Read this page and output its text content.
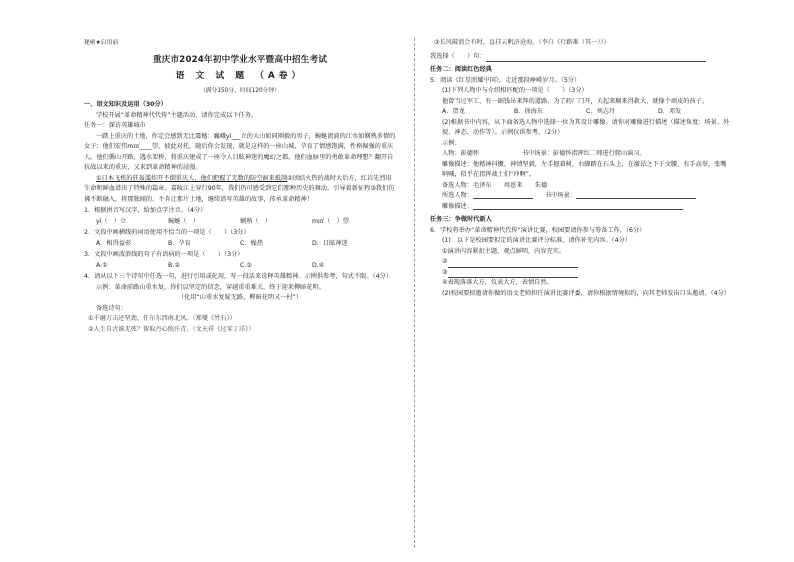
秘密★启用前
重庆市2024年初中学业水平暨高中招生考试
语 文 试 题 （A卷）
（满分150分，时间120分钟）
一、语文知识及运用（30分）
学校开展“革命精神代代传”主题活动，请你完成以下任务。
任务一：探访英雄城市
一踏上重庆的土地，你定会感到无比震撼：巍峨yì___立的大山如同刚毅的男子，蜿蜒流淌的江水如娴熟多情的女子；他们宏伟m㎡____望，彼此对托。随后你会发现，就是这样的一座山城，孕育了情感饱满，性格倔强的重庆人。他们循山开路，遇水架桥，将重庆建成了一座令人目眩神迷的魔幻之都。他们血脉里的勇敢革命理想？翻开自抗战以来的重庆，又来到革命精神的浸漫。
①日本飞机的狂轰滥炸吓不倒重庆人，他们把握了无数的防空洞来抵制②团结火热的战时大后方，红岩先烈用生命和鲜血谱出了特殊的篇章。嘉陵江上穿行90年，我们仍可感受到它们那种历史的舞动，引导着新征程③我们仿佛不断融入，将那独闻的、不肯让那片土地，继续谱写英雄的故事，传承革命精神！
1．根据拼音写汉字，给加点字注音。（4分）
yì（　）立	蜿蜒（　）	娴熟（　）	m㎡（　）望
2．文段中画横线的词语使用不恰当的一项是（　　）（3分）
A．相得益彰	B．孕育	C．燥热	D．目眩神迷
3．文段中画波浪线的句子有语病的一项是（　　）（3分）
A.①	B.②	C.③	D.④
4．请从以下三个诗句中任选一句，进行引用或化用，写一段话来诠释英雄精神。示例供参考，句式不限。（4分）
示例：革命前路山重水复，你们以坚定的信念，穿越重重难关，终于迎来柳暗花明。
（化用“山重水复疑无路，柳暗花明又一村”）
备选诗句：
①千磨万击还坚劲，任尔东西南北风。（郑燮《竹石》）
②人生自古谁无死？留取丹心照汗青。（文天祥《过零丁洋》）
③长风破浪会有时，直挂云帆济沧海。（李白《行路难（其一）》）
我选择（　　）句：
任务二：阅读红色经典
5．阅读《红星照耀中国》，走近那段峥嵘岁月。（5分）
(1)下列人物中与介绍相匹配的一项是（　　）（3分）
他曾当过军工，有一副钱吊来拜的道路，为了药厂门开，关起来顺来得救大，就像个顽皮的孩子。
A．贺龙	B．徐海东	C．刘志丹	D．邓发
(2)根据书中内容，从下面备选人物中选择一位为其设计雕像。请你对雕像进行描述（描述角度：场景、外貌、神态、动作等）。示例仅供参考。（2分）
示例：
人物：彭德怀	书中场景：彭德怀指挥红二师进行爬山演习。
雕像描述：他精神抖擞，神情坚毅，左手握着树，右脚踏在石头上，在激昂之下于文腰，有手高举，张嘴呐喊，似乎在指挥战士们“冲啊”。
备选人物：毛泽东　　周恩来　　朱德
所选人物：	书中场景：
雕像描述：
任务三：争做时代新人
6．学校将举办“革命精神代代传”演讲比赛，校园要请你参与筹备工作。（6分）
(1)　以下是校园要拟定的演讲比赛评分标准，请你补充内容。（4分）
①演讲内容紧扣主题，观点鲜明，内容充实。
②
③
④表现落落大方，仪表大方，表情自然。
(2)校园要拟邀请你做的语文老师担任演讲比赛评委，请你根据情境拟约，向其老师发出口头邀请。（4分）
